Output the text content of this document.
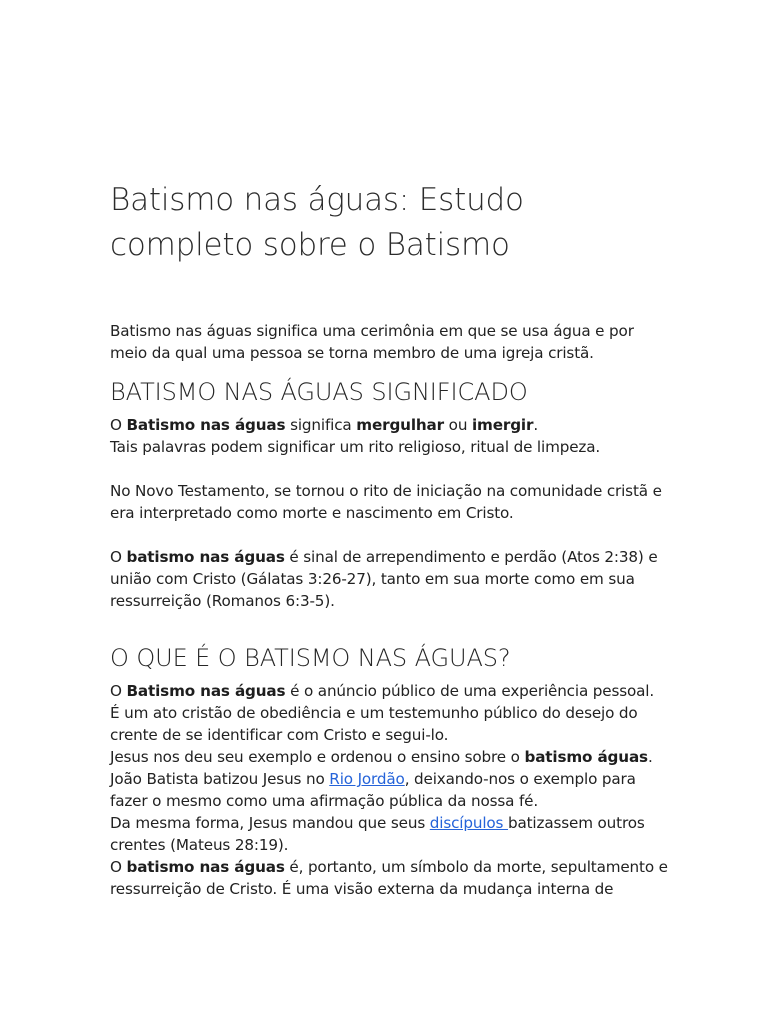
Batismo nas águas: Estudo completo sobre o Batismo

Batismo nas águas significa uma cerimônia em que se usa água e por meio da qual uma pessoa se torna membro de uma igreja cristã.

BATISMO NAS ÁGUAS SIGNIFICADO

O Batismo nas águas significa mergulhar ou imergir.

Tais palavras podem significar um rito religioso, ritual de limpeza.

No Novo Testamento, se tornou o rito de iniciação na comunidade cristã e era interpretado como morte e nascimento em Cristo.

O batismo nas águas é sinal de arrependimento e perdão (Atos 2:38) e união com Cristo (Gálatas 3:26-27), tanto em sua morte como em sua ressurreição (Romanos 6:3-5).

O QUE É O BATISMO NAS ÁGUAS?

O Batismo nas águas é o anúncio público de uma experiência pessoal.

É um ato cristão de obediência e um testemunho público do desejo do crente de se identificar com Cristo e segui-lo.

Jesus nos deu seu exemplo e ordenou o ensino sobre o batismo águas. João Batista batizou Jesus no Rio Jordão, deixando-nos o exemplo para fazer o mesmo como uma afirmação pública da nossa fé.

Da mesma forma, Jesus mandou que seus discípulos batizassem outros crentes (Mateus 28:19).

O batismo nas águas é, portanto, um símbolo da morte, sepultamento e ressurreição de Cristo. É uma visão externa da mudança interna de
